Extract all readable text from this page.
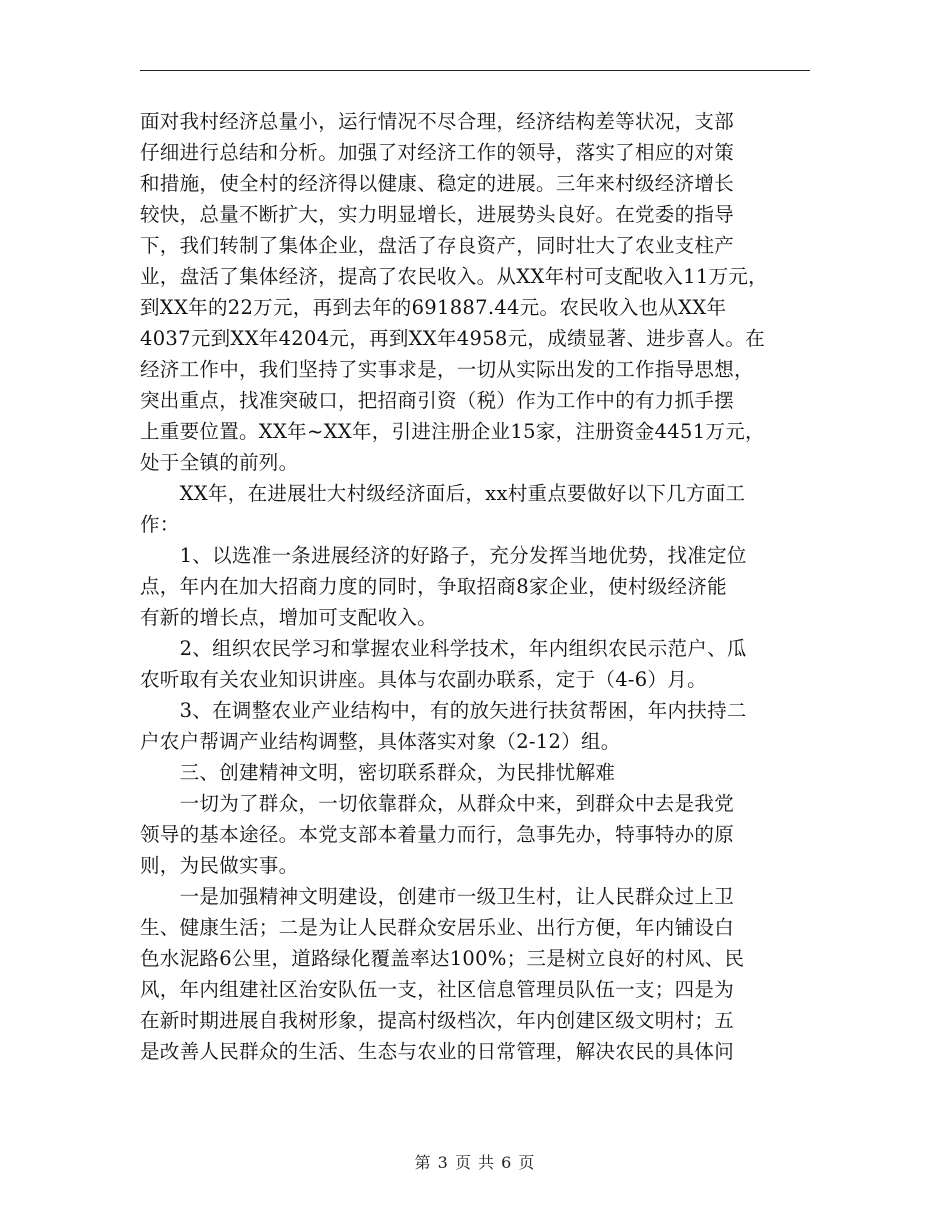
面对我村经济总量小，运行情况不尽合理，经济结构差等状况，支部
仔细进行总结和分析。加强了对经济工作的领导，落实了相应的对策
和措施，使全村的经济得以健康、稳定的进展。三年来村级经济增长
较快，总量不断扩大，实力明显增长，进展势头良好。在党委的指导
下，我们转制了集体企业，盘活了存良资产，同时壮大了农业支柱产
业，盘活了集体经济，提高了农民收入。从XX年村可支配收入11万元，
到XX年的22万元，再到去年的691887.44元。农民收入也从XX年
4037元到XX年4204元，再到XX年4958元，成绩显著、进步喜人。在
经济工作中，我们坚持了实事求是，一切从实际出发的工作指导思想，
突出重点，找准突破口，把招商引资（税）作为工作中的有力抓手摆
上重要位置。XX年~XX年，引进注册企业15家，注册资金4451万元，
处于全镇的前列。
　　XX年，在进展壮大村级经济面后，xx村重点要做好以下几方面工
作：
　　1、以选准一条进展经济的好路子，充分发挥当地优势，找准定位
点，年内在加大招商力度的同时，争取招商8家企业，使村级经济能
有新的增长点，增加可支配收入。
　　2、组织农民学习和掌握农业科学技术，年内组织农民示范户、瓜
农听取有关农业知识讲座。具体与农副办联系，定于（4-6）月。
　　3、在调整农业产业结构中，有的放矢进行扶贫帮困，年内扶持二
户农户帮调产业结构调整，具体落实对象（2-12）组。
　　三、创建精神文明，密切联系群众，为民排忧解难
　　一切为了群众，一切依靠群众，从群众中来，到群众中去是我党
领导的基本途径。本党支部本着量力而行，急事先办，特事特办的原
则，为民做实事。
　　一是加强精神文明建设，创建市一级卫生村，让人民群众过上卫
生、健康生活；二是为让人民群众安居乐业、出行方便，年内铺设白
色水泥路6公里，道路绿化覆盖率达100%；三是树立良好的村风、民
风，年内组建社区治安队伍一支，社区信息管理员队伍一支；四是为
在新时期进展自我树形象，提高村级档次，年内创建区级文明村；五
是改善人民群众的生活、生态与农业的日常管理，解决农民的具体问
第 3 页 共 6 页
